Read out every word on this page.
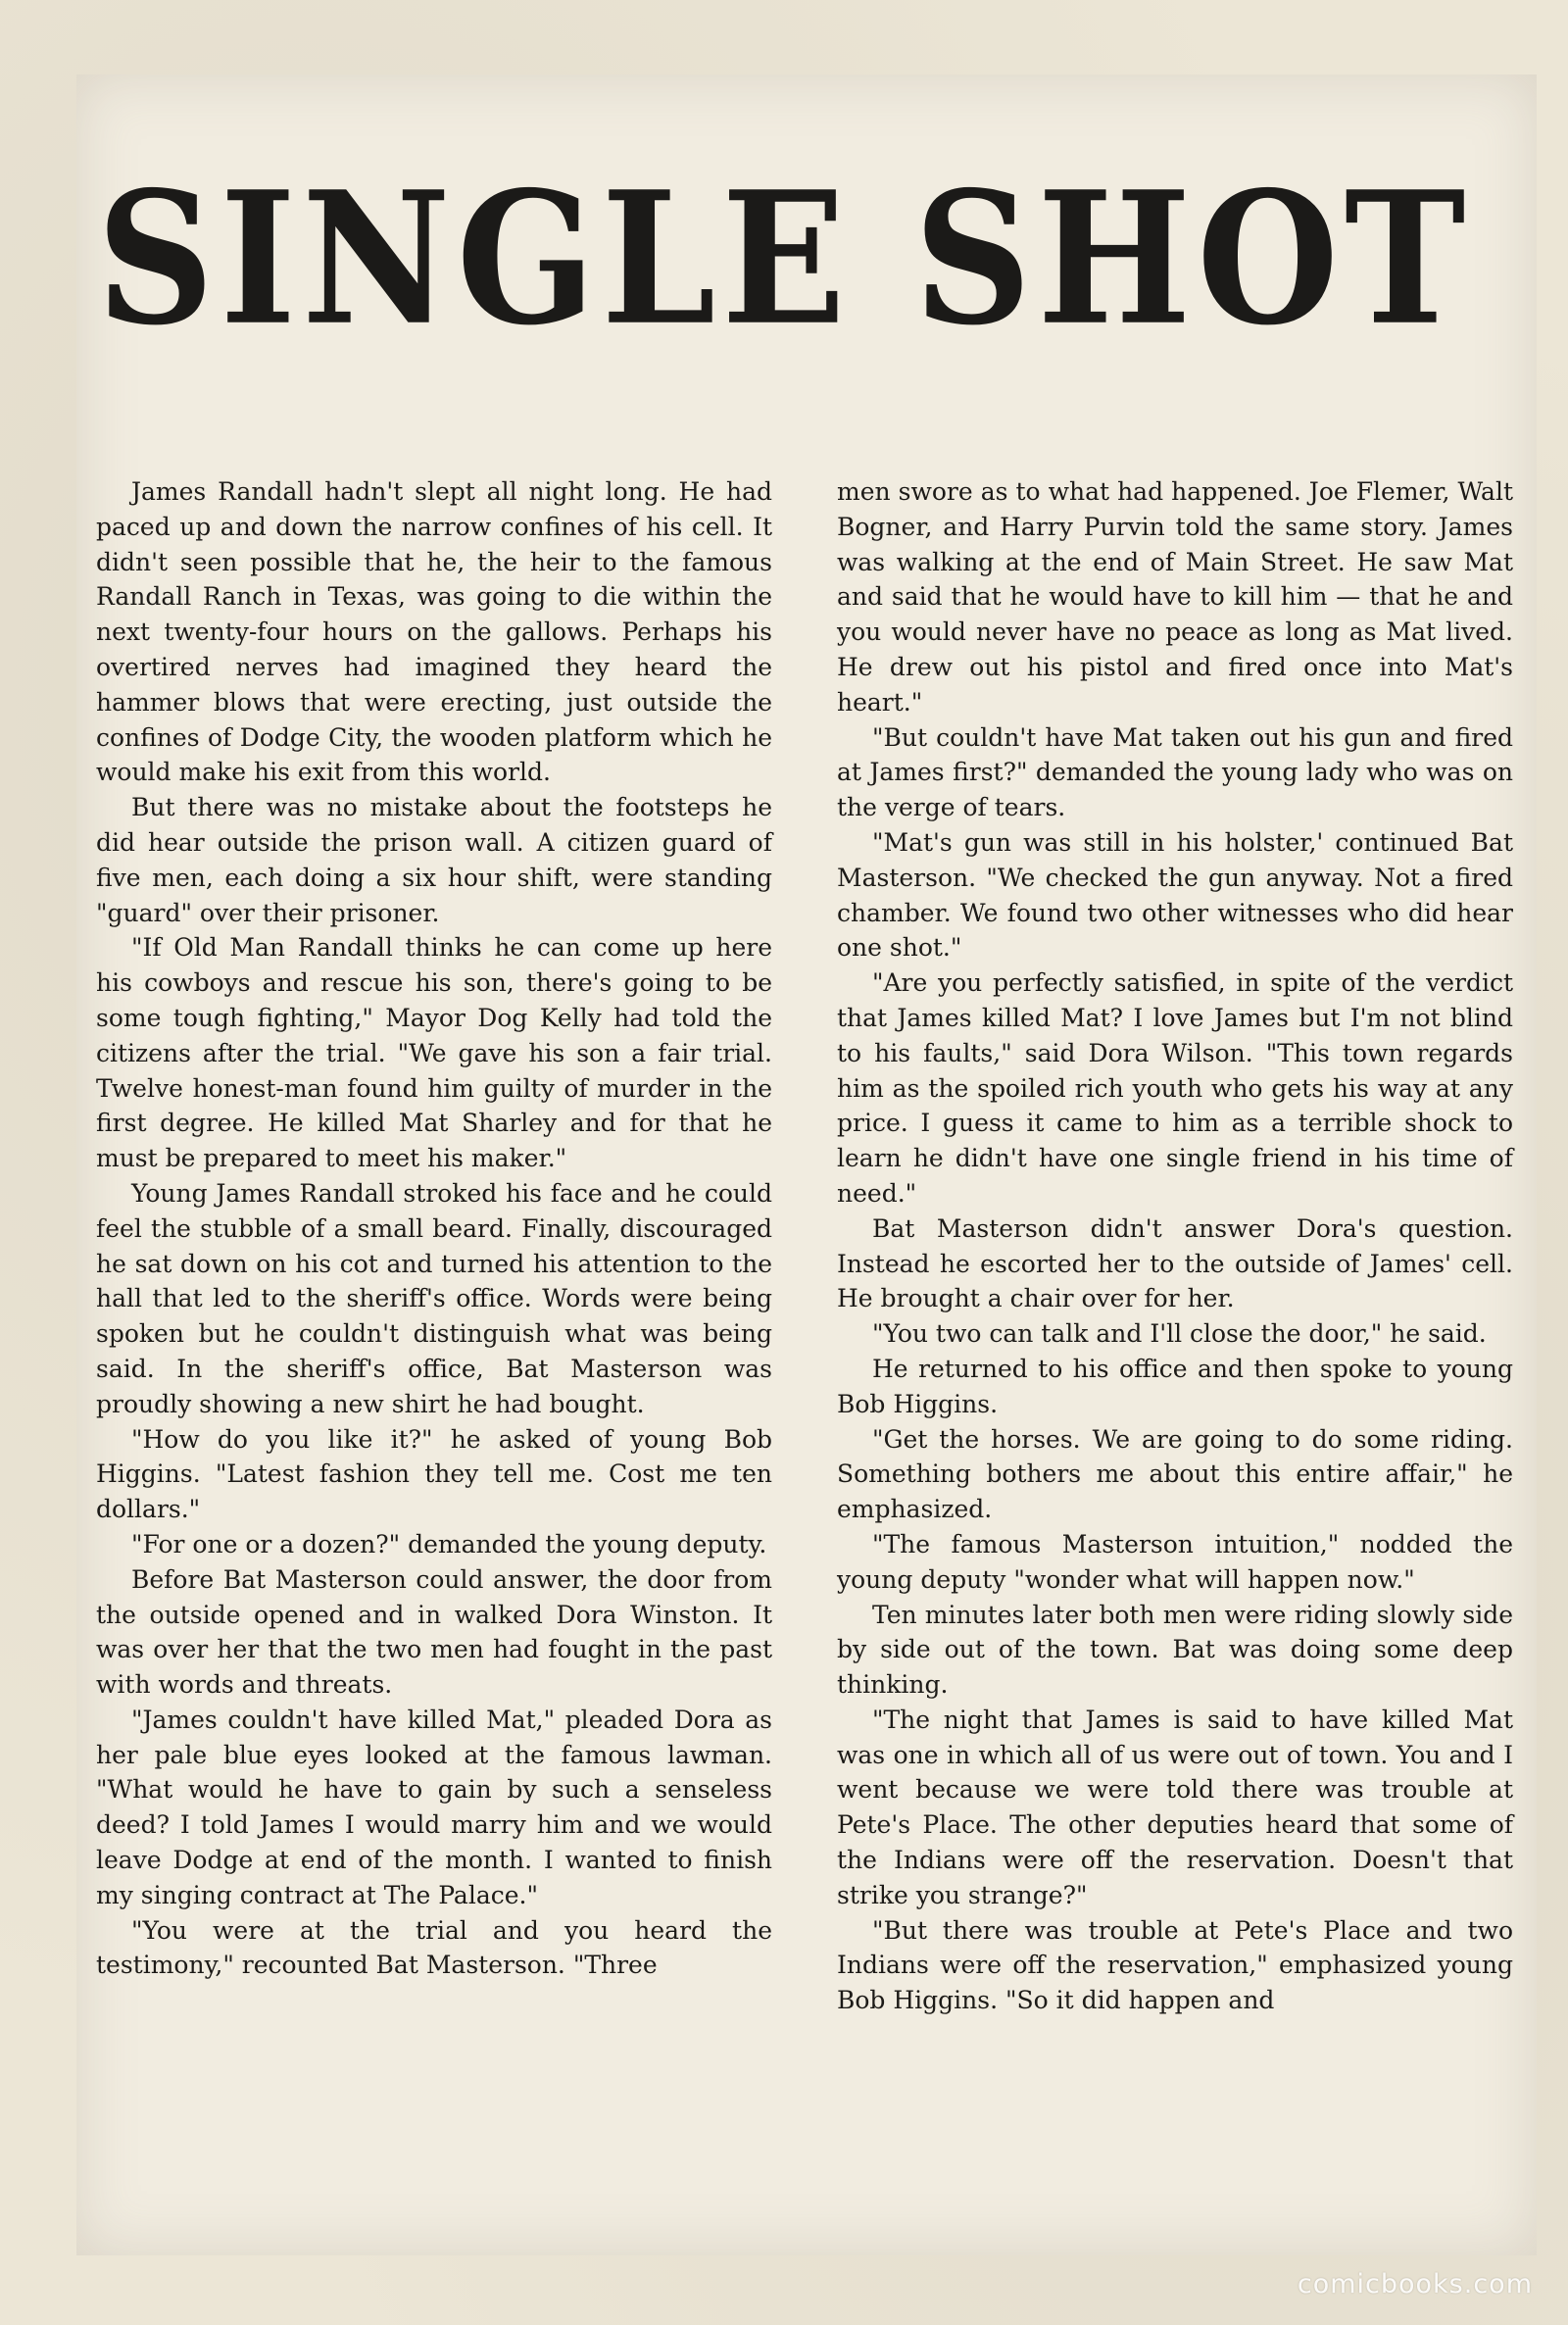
SINGLE SHOT

James Randall hadn't slept all night long. He had paced up and down the narrow confines of his cell. It didn't seen possible that he, the heir to the famous Randall Ranch in Texas, was going to die within the next twenty-four hours on the gallows. Perhaps his overtired nerves had imagined they heard the hammer blows that were erecting, just outside the confines of Dodge City, the wooden platform which he would make his exit from this world.

But there was no mistake about the footsteps he did hear outside the prison wall. A citizen guard of five men, each doing a six hour shift, were standing "guard" over their prisoner.

"If Old Man Randall thinks he can come up here his cowboys and rescue his son, there's going to be some tough fighting," Mayor Dog Kelly had told the citizens after the trial. "We gave his son a fair trial. Twelve honest-man found him guilty of murder in the first degree. He killed Mat Sharley and for that he must be prepared to meet his maker."

Young James Randall stroked his face and he could feel the stubble of a small beard. Finally, discouraged he sat down on his cot and turned his attention to the hall that led to the sheriff's office. Words were being spoken but he couldn't distinguish what was being said. In the sheriff's office, Bat Masterson was proudly showing a new shirt he had bought.

"How do you like it?" he asked of young Bob Higgins. "Latest fashion they tell me. Cost me ten dollars."

"For one or a dozen?" demanded the young deputy.

Before Bat Masterson could answer, the door from the outside opened and in walked Dora Winston. It was over her that the two men had fought in the past with words and threats.

"James couldn't have killed Mat," pleaded Dora as her pale blue eyes looked at the famous lawman. "What would he have to gain by such a senseless deed? I told James I would marry him and we would leave Dodge at end of the month. I wanted to finish my singing contract at The Palace."

"You were at the trial and you heard the testimony," recounted Bat Masterson. "Three

men swore as to what had happened. Joe Flemer, Walt Bogner, and Harry Purvin told the same story. James was walking at the end of Main Street. He saw Mat and said that he would have to kill him — that he and you would never have no peace as long as Mat lived. He drew out his pistol and fired once into Mat's heart."

"But couldn't have Mat taken out his gun and fired at James first?" demanded the young lady who was on the verge of tears.

"Mat's gun was still in his holster,' continued Bat Masterson. "We checked the gun anyway. Not a fired chamber. We found two other witnesses who did hear one shot."

"Are you perfectly satisfied, in spite of the verdict that James killed Mat? I love James but I'm not blind to his faults," said Dora Wilson. "This town regards him as the spoiled rich youth who gets his way at any price. I guess it came to him as a terrible shock to learn he didn't have one single friend in his time of need."

Bat Masterson didn't answer Dora's question. Instead he escorted her to the outside of James' cell. He brought a chair over for her.

"You two can talk and I'll close the door," he said.

He returned to his office and then spoke to young Bob Higgins.

"Get the horses. We are going to do some riding. Something bothers me about this entire affair," he emphasized.

"The famous Masterson intuition," nodded the young deputy "wonder what will happen now."

Ten minutes later both men were riding slowly side by side out of the town. Bat was doing some deep thinking.

"The night that James is said to have killed Mat was one in which all of us were out of town. You and I went because we were told there was trouble at Pete's Place. The other deputies heard that some of the Indians were off the reservation. Doesn't that strike you strange?"

"But there was trouble at Pete's Place and two Indians were off the reservation," emphasized young Bob Higgins. "So it did happen and

comicbooks.com
